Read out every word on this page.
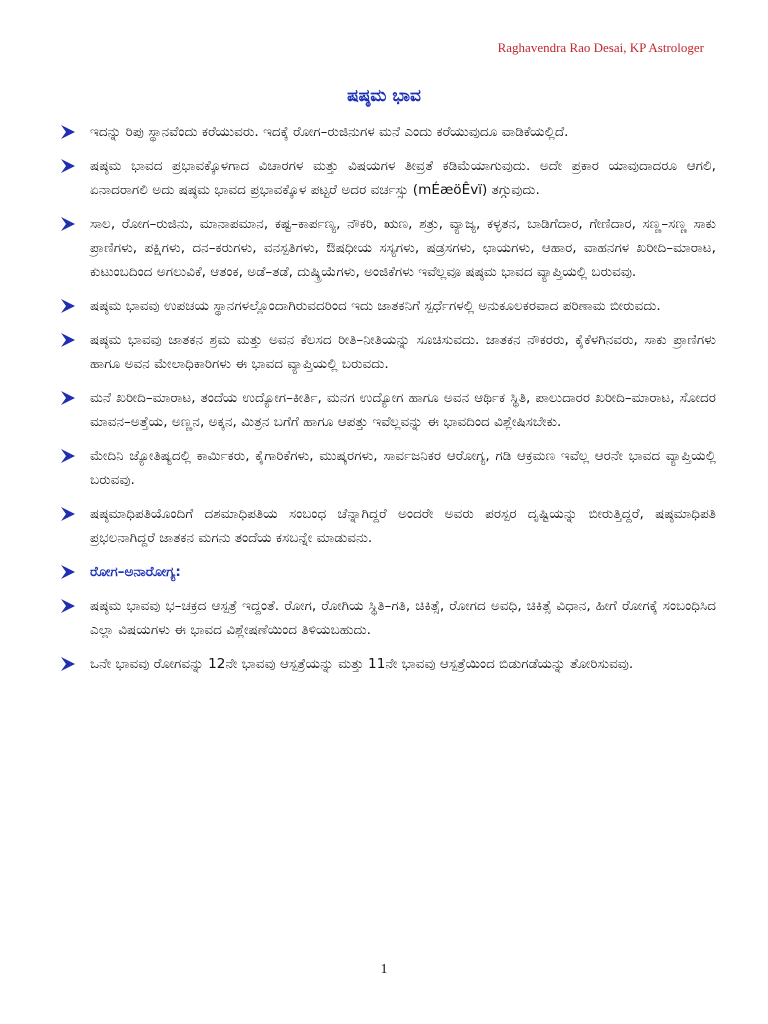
Raghavendra Rao Desai, KP Astrologer
ಷಷ್ಠಮ ಭಾವ
ಇದನ್ನು ರಿಪು ಸ್ಥಾನವೆಂದು ಕರೆಯುವರು. ಇದಕ್ಕೆ ರೋಗ–ರುಜಿನುಗಳ ಮನೆ ಎಂದು ಕರೆಯುವುದೂ ವಾಡಿಕೆಯಲ್ಲಿದೆ.
ಷಷ್ಠಮ ಭಾವದ ಪ್ರಭಾವಕ್ಕೊಳಗಾದ ವಿಚಾರಗಳ ಮತ್ತು ವಿಷಯಗಳ ತೀವ್ರತೆ ಕಡಿಮೆಯಾಗುವುದು. ಅದೇ ಪ್ರಕಾರ ಯಾವುದಾದರೂ ಆಗಲಿ, ಏನಾದರಾಗಲಿ ಅದು ಷಷ್ಠಮ ಭಾವದ ಪ್ರಭಾವಕ್ಕೊಳ ಪಟ್ಟರೆ ಅದರ ವರ್ಚಸ್ಸು (mÉæöÊvï) ತಗ್ಗುವುದು.
ಸಾಲ, ರೋಗ–ರುಜಿನು, ಮಾನಾಪಮಾನ, ಕಷ್ಟ–ಕಾರ್ಪಣ್ಯ, ನೌಕರಿ, ಋಣ, ಶತ್ರು, ವ್ಯಾಜ್ಯ, ಕಳ್ಳತನ, ಬಾಡಿಗೆದಾರ, ಗೇಣಿದಾರ, ಸಣ್ಣ–ಸಣ್ಣ ಸಾಕು ಪ್ರಾಣಿಗಳು, ಪಕ್ಷಿಗಳು, ದನ–ಕರುಗಳು, ವನಸ್ಪತಿಗಳು, ಔಷಧೀಯ ಸಸ್ಯಗಳು, ಷಡ್ರಸಗಳು, ಛಾಯಗಳು, ಆಹಾರ, ವಾಹನಗಳ ಖರೀದಿ–ಮಾರಾಟ, ಕುಟುಂಬದಿಂದ ಅಗಲುವಿಕೆ, ಆತಂಕ, ಅಡೆ–ತಡೆ, ದುಷ್ಕ್ರಿಯೆಗಳು, ಅಂಜಿಕೆಗಳು ಇವೆಲ್ಲವೂ ಷಷ್ಠಮ ಭಾವದ ವ್ಯಾಪ್ತಿಯಲ್ಲಿ ಬರುವವು.
ಷಷ್ಠಮ ಭಾವವು ಉಪಚಯ ಸ್ಥಾನಗಳಲ್ಲೊಂದಾಗಿರುವದರಿಂದ ಇದು ಜಾತಕನಿಗೆ ಸ್ಪರ್ಧೆಗಳಲ್ಲಿ ಅನುಕೂಲಕರವಾದ ಪರಿಣಾಮ ಬೀರುವದು.
ಷಷ್ಠಮ ಭಾವವು ಜಾತಕನ ಶ್ರಮ ಮತ್ತು ಅವನ ಕೆಲಸದ ರೀತಿ–ನೀತಿಯನ್ನು ಸೂಚಿಸುವದು. ಜಾತಕನ ನೌಕರರು, ಕೈಕೆಳಗಿನವರು, ಸಾಕು ಪ್ರಾಣಿಗಳು ಹಾಗೂ ಅವನ ಮೇಲಾಧಿಕಾರಿಗಳು ಈ ಭಾವದ ವ್ಯಾಪ್ತಿಯಲ್ಲಿ ಬರುವದು.
ಮನೆ ಖರೀದಿ–ಮಾರಾಟ, ತಂದೆಯ ಉದ್ಯೋಗ–ಕೀರ್ತಿ, ಮನಗ ಉದ್ಯೋಗ ಹಾಗೂ ಅವನ ಆರ್ಥಿಕ ಸ್ಥಿತಿ, ಪಾಲುದಾರರ ಖರೀದಿ–ಮಾರಾಟ, ಸೋದರ ಮಾವನ–ಅತ್ತೆಯ, ಅಣ್ಣನ, ಅಕ್ಕನ, ಮಿತ್ರನ ಬಗೆಗೆ ಹಾಗೂ ಆಪತ್ತು ಇವೆಲ್ಲವನ್ನು ಈ ಭಾವದಿಂದ ವಿಶ್ಲೇಷಿಸಬೇಕು.
ಮೇದಿನಿ ಜ್ಯೋತಿಷ್ಯದಲ್ಲಿ ಕಾರ್ಮಿಕರು, ಕೈಗಾರಿಕೆಗಳು, ಮುಷ್ಕರಗಳು, ಸಾರ್ವಜನಿಕರ ಆರೋಗ್ಯ, ಗಡಿ ಆಕ್ರಮಣ ಇವೆಲ್ಲ ಆರನೇ ಭಾವದ ವ್ಯಾಪ್ತಿಯಲ್ಲಿ ಬರುವವು.
ಷಷ್ಠಮಾಧಿಪತಿಯೊಂದಿಗೆ ದಶಮಾಧಿಪತಿಯ ಸಂಬಂಧ ಚೆನ್ನಾಗಿದ್ದರೆ ಅಂದರೇ ಅವರು ಪರಸ್ಪರ ದೃಷ್ಟಿಯನ್ನು ಬೀರುತ್ತಿದ್ದರೆ, ಷಷ್ಠಮಾಧಿಪತಿ ಪ್ರಭಲನಾಗಿದ್ದರೆ ಜಾತಕನ ಮಗನು ತಂದೆಯ ಕಸಬನ್ನೇ ಮಾಡುವನು.
ರೋಗ–ಅನಾರೋಗ್ಯ:
ಷಷ್ಠಮ ಭಾವವು ಭ–ಚಕ್ರದ ಆಸ್ಪತ್ರೆ ಇದ್ದಂತೆ. ರೋಗ, ರೋಗಿಯ ಸ್ಥಿತಿ–ಗತಿ, ಚಿಕಿತ್ಸೆ, ರೋಗದ ಅವಧಿ, ಚಿಕಿತ್ಸೆ ವಿಧಾನ, ಹೀಗೆ ರೋಗಕ್ಕೆ ಸಂಬಂಧಿಸಿದ ಎಲ್ಲಾ ವಿಷಯಗಳು ಈ ಭಾವದ ವಿಶ್ಲೇಷಣೆಯಿಂದ ತಿಳಿಯಬಹುದು.
ಒನೇ ಭಾವವು ರೋಗವನ್ನು 12ನೇ ಭಾವವು ಆಸ್ಪತ್ರೆಯನ್ನು ಮತ್ತು 11ನೇ ಭಾವವು ಆಸ್ಪತ್ರೆಯಿಂದ ಬಿಡುಗಡೆಯನ್ನು ತೋರಿಸುವವು.
1
